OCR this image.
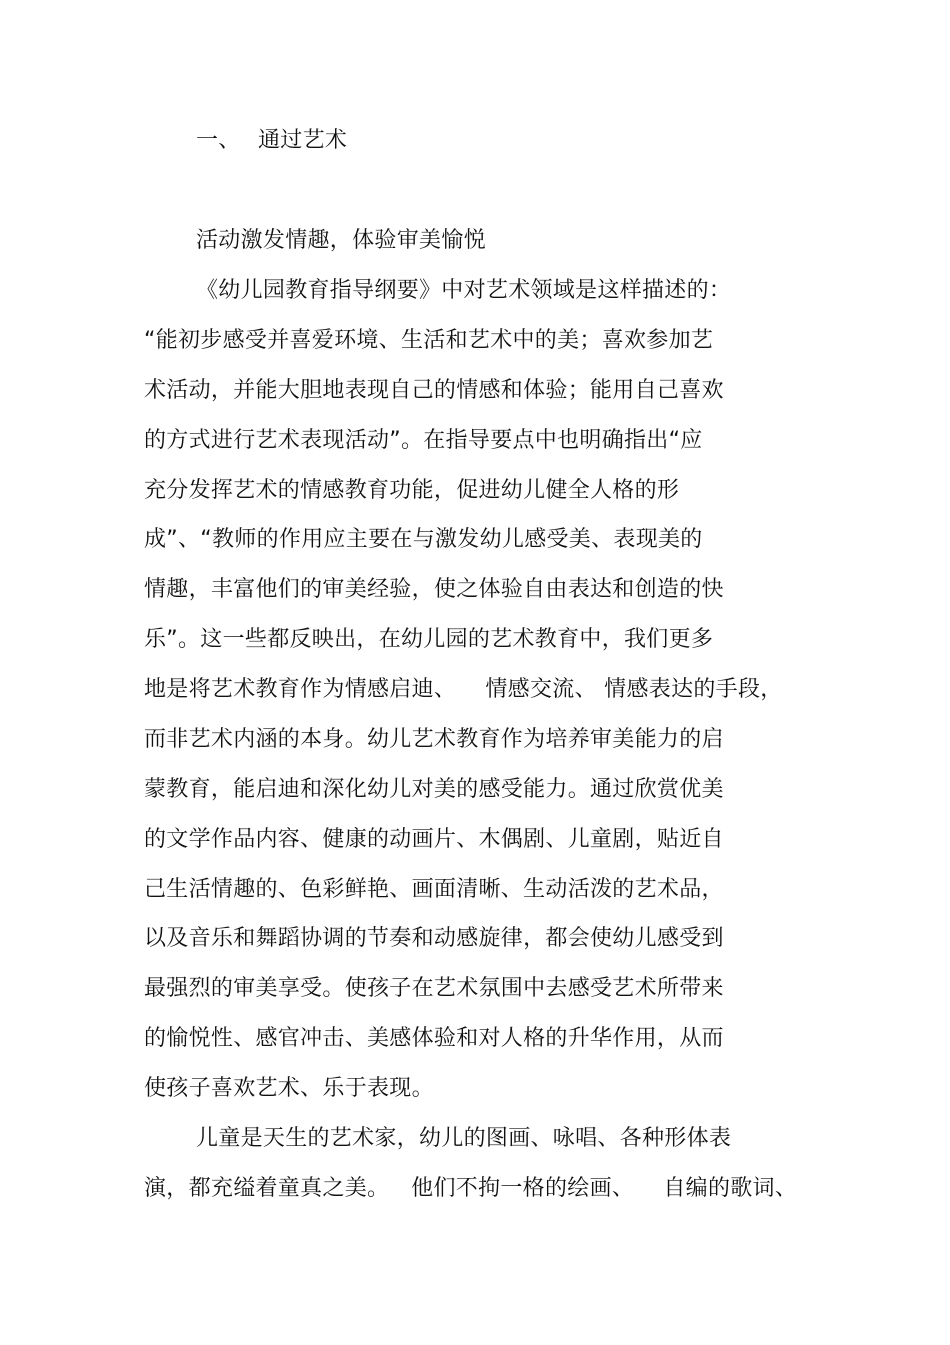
一、 通过艺术
活动激发情趣，体验审美愉悦
《幼儿园教育指导纲要》中对艺术领域是这样描述的：
“能初步感受并喜爱环境、生活和艺术中的美；喜欢参加艺
术活动，并能大胆地表现自己的情感和体验；能用自己喜欢
的方式进行艺术表现活动”。在指导要点中也明确指出“应
充分发挥艺术的情感教育功能，促进幼儿健全人格的形
成”、“教师的作用应主要在与激发幼儿感受美、表现美的
情趣，丰富他们的审美经验，使之体验自由表达和创造的快
乐”。这一些都反映出，在幼儿园的艺术教育中，我们更多
地是将艺术教育作为情感启迪、    情感交流、 情感表达的手段，
而非艺术内涵的本身。幼儿艺术教育作为培养审美能力的启
蒙教育，能启迪和深化幼儿对美的感受能力。通过欣赏优美
的文学作品内容、健康的动画片、木偶剧、儿童剧，贴近自
己生活情趣的、色彩鲜艳、画面清晰、生动活泼的艺术品，
以及音乐和舞蹈协调的节奏和动感旋律，都会使幼儿感受到
最强烈的审美享受。使孩子在艺术氛围中去感受艺术所带来
的愉悦性、感官冲击、美感体验和对人格的升华作用，从而
使孩子喜欢艺术、乐于表现。
儿童是天生的艺术家，幼儿的图画、咏唱、各种形体表
演，都充缢着童真之美。   他们不拘一格的绘画、    自编的歌词、
